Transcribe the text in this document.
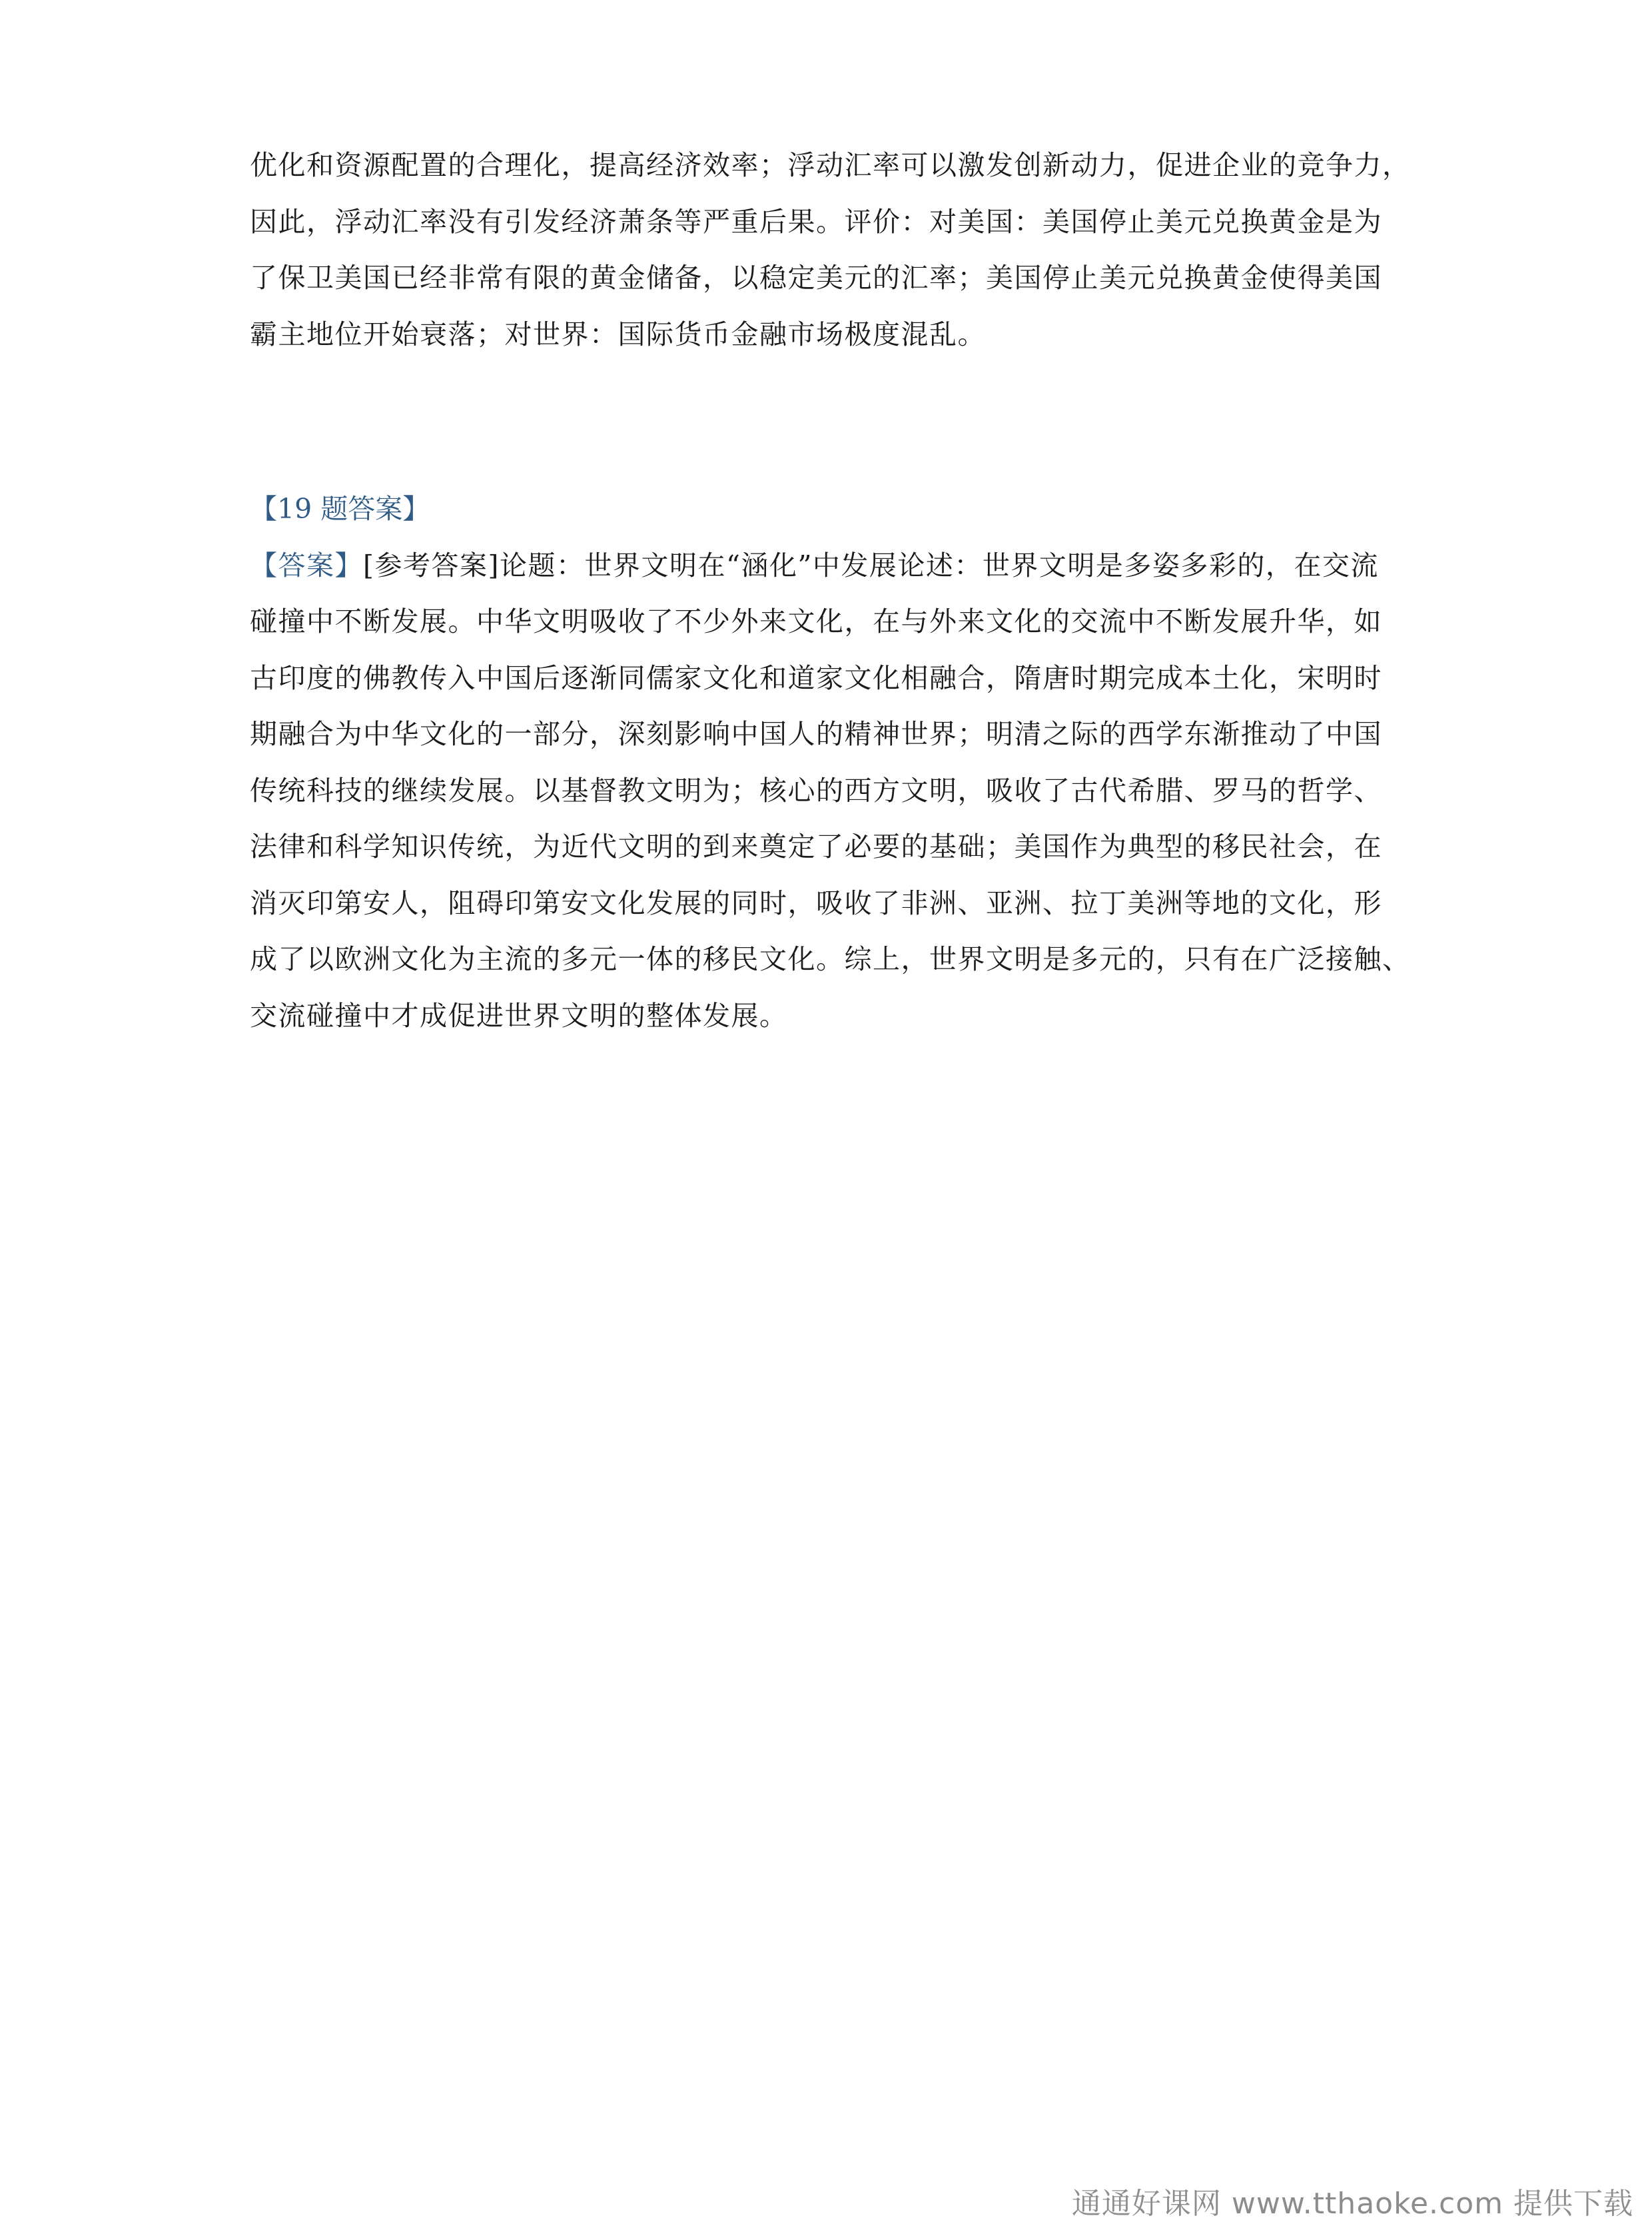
优化和资源配置的合理化，提高经济效率；浮动汇率可以激发创新动力，促进企业的竞争力，
因此，浮动汇率没有引发经济萧条等严重后果。评价：对美国：美国停止美元兑换黄金是为
了保卫美国已经非常有限的黄金储备，以稳定美元的汇率；美国停止美元兑换黄金使得美国
霸主地位开始衰落；对世界：国际货币金融市场极度混乱。

【19 题答案】

【答案】[参考答案]论题：世界文明在“涵化”中发展论述：世界文明是多姿多彩的，在交流
碰撞中不断发展。中华文明吸收了不少外来文化，在与外来文化的交流中不断发展升华，如
古印度的佛教传入中国后逐渐同儒家文化和道家文化相融合，隋唐时期完成本土化，宋明时
期融合为中华文化的一部分，深刻影响中国人的精神世界；明清之际的西学东渐推动了中国
传统科技的继续发展。以基督教文明为；核心的西方文明，吸收了古代希腊、罗马的哲学、
法律和科学知识传统，为近代文明的到来奠定了必要的基础；美国作为典型的移民社会，在
消灭印第安人，阻碍印第安文化发展的同时，吸收了非洲、亚洲、拉丁美洲等地的文化，形
成了以欧洲文化为主流的多元一体的移民文化。综上，世界文明是多元的，只有在广泛接触、
交流碰撞中才成促进世界文明的整体发展。

通通好课网 www.tthaoke.com 提供下载
